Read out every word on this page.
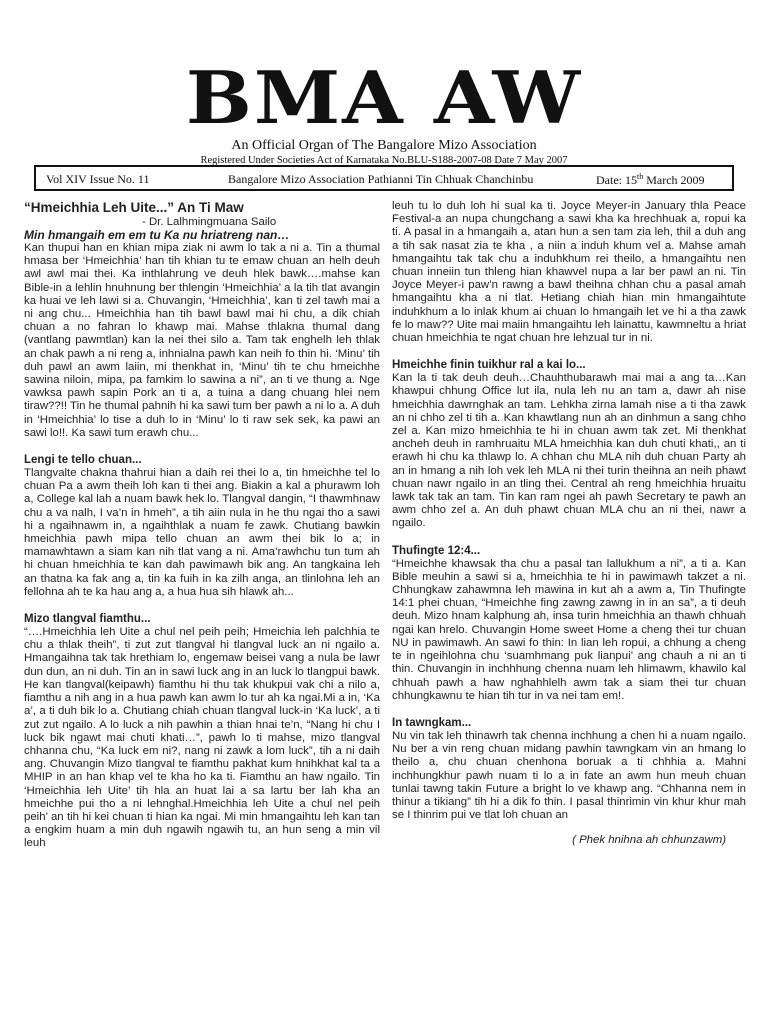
BMA AW
An Official Organ of The Bangalore Mizo Association
Registered Under Societies Act of Karnataka No.BLU-S188-2007-08 Date 7 May 2007
Vol XIV Issue No. 11	Bangalore Mizo Association Pathianni Tin Chhuak Chanchinbu	Date: 15th March 2009
“Hmeichhia Leh Uite...” An Ti Maw

- Dr. Lalhmingmuana Sailo

Min hmangaih em em tu Ka nu hriatreng nan…

Kan thupui han en khian mipa ziak ni awm lo tak a ni a. Tin a thumal hmasa ber ‘Hmeichhia’ han tih khian tu te emaw chuan an helh deuh awl awl mai thei. Ka inthlahrung ve deuh hlek bawk….mahse kan Bible-in a lehlin hnuhnung ber thlengin ‘Hmeichhia’ a la tih tlat avangin ka huai ve leh lawi si a. Chuvangin, ‘Hmeichhia’, kan ti zel tawh mai a ni ang chu... Hmeichhia han tih bawl bawl mai hi chu, a dik chiah chuan a no fahran lo khawp mai. Mahse thlakna thumal dang (vantlang pawmtlan) kan la nei thei silo a. Tam tak enghelh leh thlak an chak pawh a ni reng a, inhnialna pawh kan neih fo thin hi. ‘Minu’ tih duh pawl an awm laiin, mi thenkhat in, ‘Minu’ tih te chu hmeichhe sawina niloin, mipa, pa famkim lo sawina a ni”, an ti ve thung a. Nge vawksa pawh sapin Pork an ti a, a tuina a dang chuang hlei nem tiraw??!! Tin he thumal pahnih hi ka sawi tum ber pawh a ni lo a. A duh in ‘Hmeichhia’ lo tise a duh lo in ‘Minu’ lo ti raw sek sek, ka pawi an sawi lo!!. Ka sawi tum erawh chu...

Lengi te tello chuan...

Tlangvalte chakna thahrui hian a daih rei thei lo a, tin hmeichhe tel lo chuan Pa a awm theih loh kan ti thei ang. Biakin a kal a phurawm loh a, College kal lah a nuam bawk hek lo. Tlangval dangin, “I thawmhnaw chu a va nalh, I va’n in hmeh”, a tih aiin nula in he thu ngai tho a sawi hi a ngaihnawm in, a ngaihthlak a nuam fe zawk. Chutiang bawkin hmeichhia pawh mipa tello chuan an awm thei bik lo a; in mamawhtawn a siam kan nih tlat vang a ni. Ama’rawhchu tun tum ah hi chuan hmeichhia te kan dah pawimawh bik ang. An tangkaina leh an thatna ka fak ang a, tin ka fuih in ka zilh anga, an tlinlohna leh an fellohna ah te ka hau ang a, a hua hua sih hlawk ah...

Mizo tlangval fiamthu...

“….Hmeichhia leh Uite a chul nel peih peih; Hmeichia leh palchhia te chu a thlak theih”, ti zut zut tlangval hi tlangval luck an ni ngailo a. Hmangaihna tak tak hrethiam lo, engemaw beisei vang a nula be lawr dun dun, an ni duh. Tin an in sawi luck ang in an luck lo tlangpui bawk. He kan tlangval(keipawh) fiamthu hi thu tak khukpui vak chi a nilo a, fiamthu a nih ang in a hua pawh kan awm lo tur ah ka ngai.Mi a in, ‘Ka a’, a ti duh bik lo a. Chutiang chiah chuan tlangval luck-in ‘Ka luck’, a ti zut zut ngailo. A lo luck a nih pawhin a thian hnai te’n, “Nang hi chu I luck bik ngawt mai chuti khati…”, pawh lo ti mahse, mizo tlangval chhanna chu, “Ka luck em ni?, nang ni zawk a lom luck”, tih a ni daih ang. Chuvangin Mizo tlangval te fiamthu pakhat kum hnihkhat kal ta a MHIP in an han khap vel te kha ho ka ti. Fiamthu an haw ngailo. Tin ‘Hmeichhia leh Uite’ tih hla an huat lai a sa lartu ber lah kha an hmeichhe pui tho a ni lehnghal.Hmeichhia leh Uite a chul nel peih peih’ an tih hi kei chuan ti hian ka ngai. Mi min hmangaihtu leh kan tan a engkim huam a min duh ngawih ngawih tu, an hun seng a min vil leuh

leuh tu lo duh loh hi sual ka ti. Joyce Meyer-in January thla Peace Festival-a an nupa chungchang a sawi kha ka hrechhuak a, ropui ka ti. A pasal in a hmangaih a, atan hun a sen tam zia leh, thil a duh ang a tih sak nasat zia te kha , a niin a induh khum vel a. Mahse amah hmangaihtu tak tak chu a induhkhum rei theilo, a hmangaihtu nen chuan inneiin tun thleng hian khawvel nupa a lar ber pawl an ni. Tin Joyce Meyer-i paw’n rawng a bawl theihna chhan chu a pasal amah hmangaihtu kha a ni tlat. Hetiang chiah hian min hmangaihtute induhkhum a lo inlak khum ai chuan lo hmangaih let ve hi a tha zawk fe lo maw?? Uite mai maiin hmangaihtu leh lainattu, kawmneltu a hriat chuan hmeichhia te ngat chuan hre lehzual tur in ni.

Hmeichhe finin tuikhur ral a kai lo...

Kan la ti tak deuh deuh…Chauhthubarawh mai mai a ang ta…Kan khawpui chhung Office lut ila, nula leh nu an tam a, dawr ah nise hmeichhia dawrnghak an tam. Lehkha zirna lamah nise a ti tha zawk an ni chho zel ti tih a. Kan khawtlang nun ah an dinhmun a sang chho zel a. Kan mizo hmeichhia te hi in chuan awm tak zet. Mi thenkhat ancheh deuh in ramhruaitu MLA hmeichhia kan duh chuti khati,, an ti erawh hi chu ka thlawp lo. A chhan chu MLA nih duh chuan Party ah an in hmang a nih loh vek leh MLA ni thei turin theihna an neih phawt chuan nawr ngailo in an tling thei. Central ah reng hmeichhia hruaitu lawk tak tak an tam. Tin kan ram ngei ah pawh Secretary te pawh an awm chho zel a. An duh phawt chuan MLA chu an ni thei, nawr a ngailo.

Thufingte 12:4...

“Hmeichhe khawsak tha chu a pasal tan lallukhum a ni”, a ti a. Kan Bible meuhin a sawi si a, hmeichhia te hi in pawimawh takzet a ni. Chhungkaw zahawmna leh mawina in kut ah a awm a, Tin Thufingte 14:1 phei chuan, “Hmeichhe fing zawng zawng in in an sa”, a ti deuh deuh. Mizo hnam kalphung ah, insa turin hmeichhia an thawh chhuah ngai kan hrelo. Chuvangin Home sweet Home a cheng thei tur chuan NU in pawimawh. An sawi fo thin: In lian leh ropui, a chhung a cheng te in ngeihlohna chu ‘suamhmang puk lianpui’ ang chauh a ni an ti thin. Chuvangin in inchhhung chenna nuam leh hlimawm, khawilo kal chhuah pawh a haw nghahhlelh awm tak a siam thei tur chuan chhungkawnu te hian tih tur in va nei tam em!.

In tawngkam...

Nu vin tak leh thinawrh tak chenna inchhung a chen hi a nuam ngailo. Nu ber a vin reng chuan midang pawhin tawngkam vin an hmang lo theilo a, chu chuan chenhona boruak a ti chhhia a. Mahni inchhungkhur pawh nuam ti lo a in fate an awm hun meuh chuan tunlai tawng takin Future a bright lo ve khawp ang. “Chhanna nem in thinur a tikiang” tih hi a dik fo thin. I pasal thinrimin vin khur khur mah se I thinrim pui ve tlat loh chuan an

( Phek hnihna ah chhunzawm)
